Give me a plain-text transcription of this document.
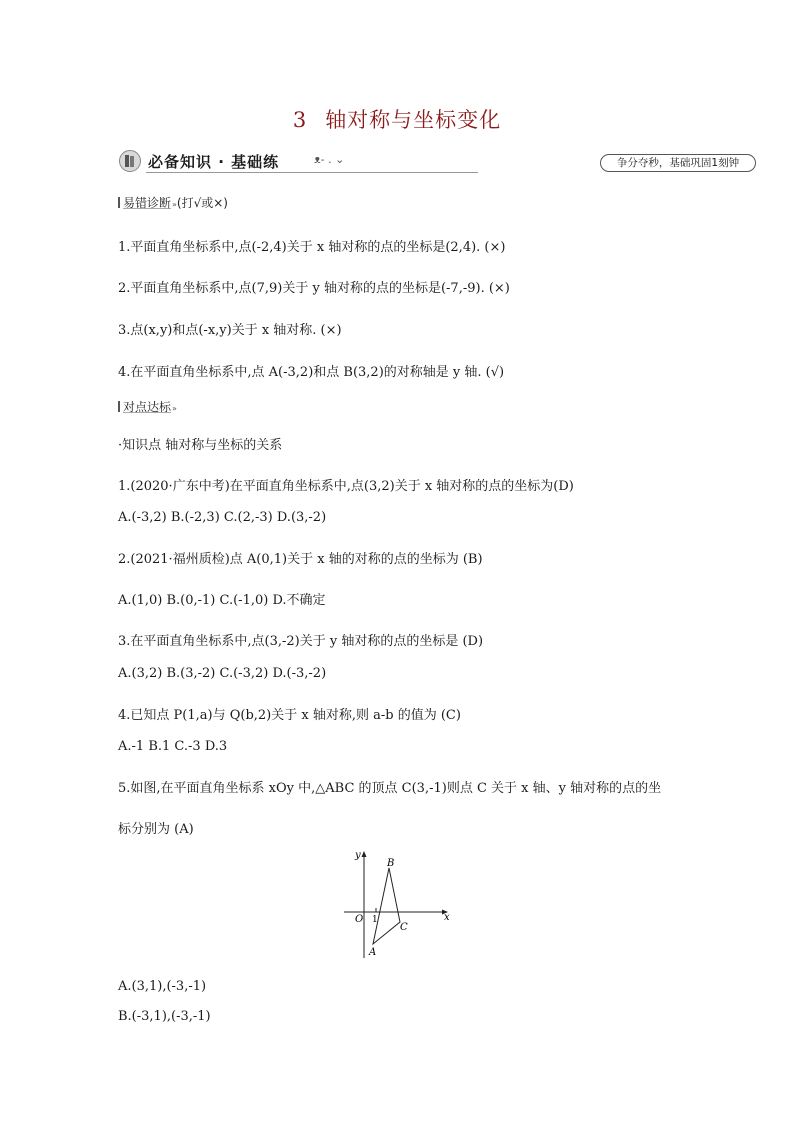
3 轴对称与坐标变化
必备知识 · 基础练	ᴥ- . ⌄	争分夺秒，基础巩固1刻钟
易错诊断»(打√或×)
1.平面直角坐标系中,点(-2,4)关于 x 轴对称的点的坐标是(2,4). (×)
2.平面直角坐标系中,点(7,9)关于 y 轴对称的点的坐标是(-7,-9). (×)
3.点(x,y)和点(-x,y)关于 x 轴对称. (×)
4.在平面直角坐标系中,点 A(-3,2)和点 B(3,2)的对称轴是 y 轴. (√)
对点达标»
·知识点 轴对称与坐标的关系
1.(2020·广东中考)在平面直角坐标系中,点(3,2)关于 x 轴对称的点的坐标为(D)
A.(-3,2) B.(-2,3) C.(2,-3) D.(3,-2)
2.(2021·福州质检)点 A(0,1)关于 x 轴的对称的点的坐标为 (B)
A.(1,0) B.(0,-1) C.(-1,0) D.不确定
3.在平面直角坐标系中,点(3,-2)关于 y 轴对称的点的坐标是 (D)
A.(3,2) B.(3,-2) C.(-3,2) D.(-3,-2)
4.已知点 P(1,a)与 Q(b,2)关于 x 轴对称,则 a-b 的值为 (C)
A.-1 B.1 C.-3 D.3
5.如图,在平面直角坐标系 xOy 中,△ABC 的顶点 C(3,-1)则点 C 关于 x 轴、y 轴对称的点的坐
标分别为 (A)
y
x
O 1
A
B
C
A.(3,1),(-3,-1)
B.(-3,1),(-3,-1)
